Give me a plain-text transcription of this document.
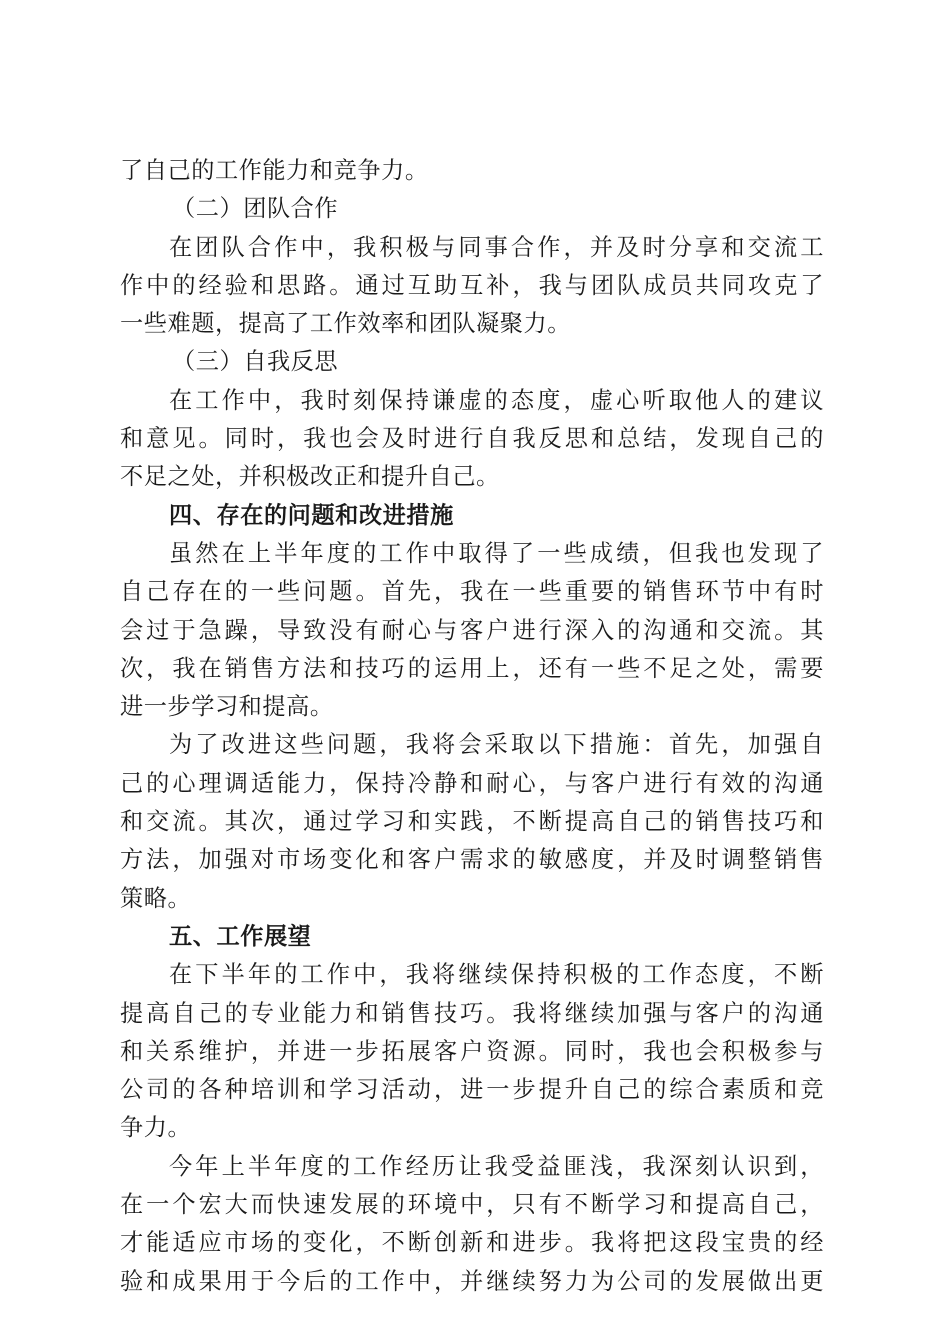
了自己的工作能力和竞争力。
（二）团队合作
在团队合作中，我积极与同事合作，并及时分享和交流工
作中的经验和思路。通过互助互补，我与团队成员共同攻克了
一些难题，提高了工作效率和团队凝聚力。
（三）自我反思
在工作中，我时刻保持谦虚的态度，虚心听取他人的建议
和意见。同时，我也会及时进行自我反思和总结，发现自己的
不足之处，并积极改正和提升自己。
四、存在的问题和改进措施
虽然在上半年度的工作中取得了一些成绩，但我也发现了
自己存在的一些问题。首先，我在一些重要的销售环节中有时
会过于急躁，导致没有耐心与客户进行深入的沟通和交流。其
次，我在销售方法和技巧的运用上，还有一些不足之处，需要
进一步学习和提高。
为了改进这些问题，我将会采取以下措施：首先，加强自
己的心理调适能力，保持冷静和耐心，与客户进行有效的沟通
和交流。其次，通过学习和实践，不断提高自己的销售技巧和
方法，加强对市场变化和客户需求的敏感度，并及时调整销售
策略。
五、工作展望
在下半年的工作中，我将继续保持积极的工作态度，不断
提高自己的专业能力和销售技巧。我将继续加强与客户的沟通
和关系维护，并进一步拓展客户资源。同时，我也会积极参与
公司的各种培训和学习活动，进一步提升自己的综合素质和竞
争力。
今年上半年度的工作经历让我受益匪浅，我深刻认识到，
在一个宏大而快速发展的环境中，只有不断学习和提高自己，
才能适应市场的变化，不断创新和进步。我将把这段宝贵的经
验和成果用于今后的工作中，并继续努力为公司的发展做出更
